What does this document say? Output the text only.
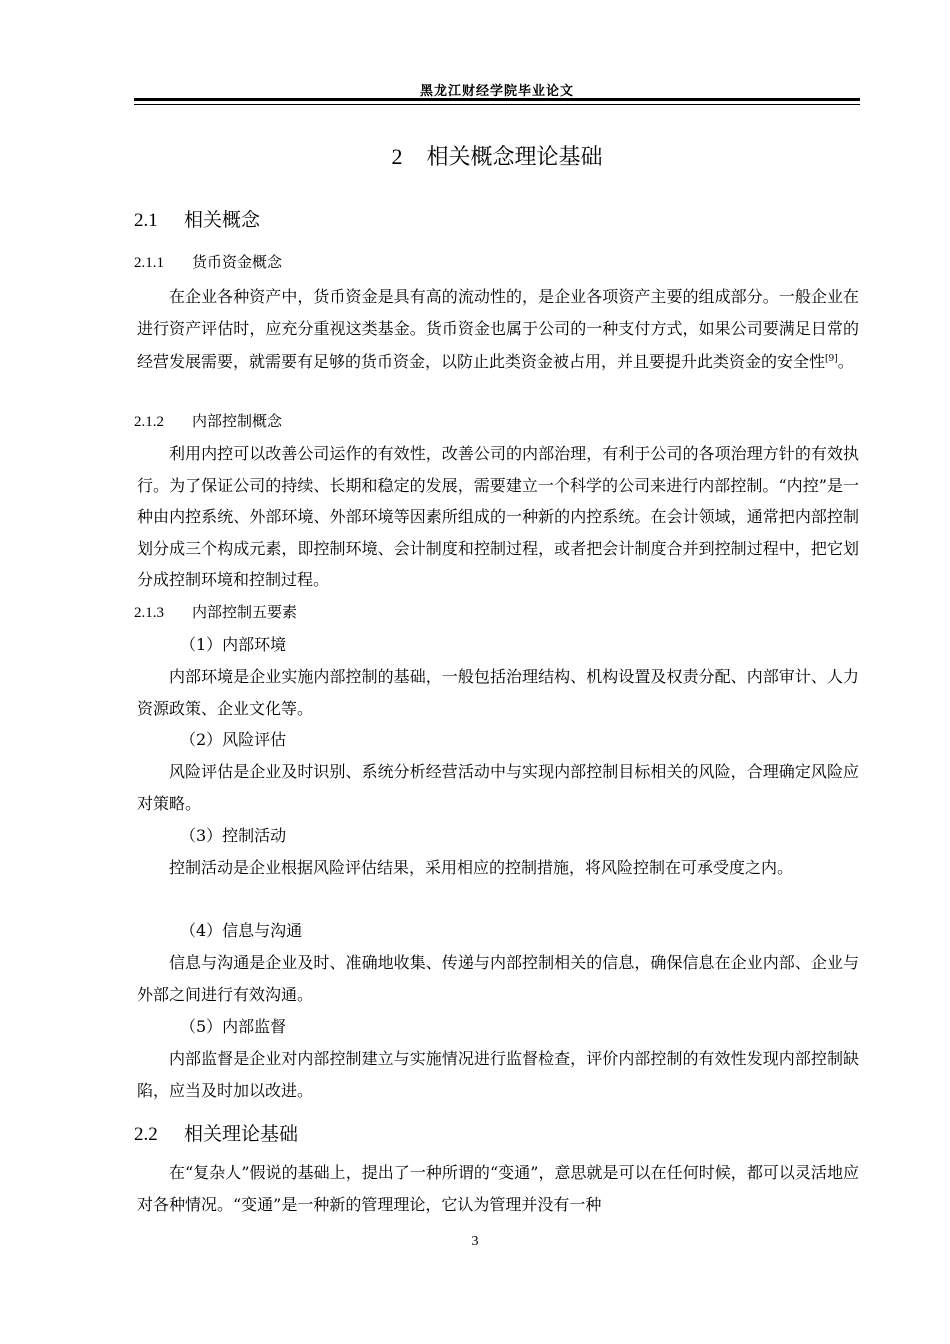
黑龙江财经学院毕业论文
2 相关概念理论基础
2.1 相关概念
2.1.1 货币资金概念

在企业各种资产中，货币资金是具有高的流动性的，是企业各项资产主要的组成部分。一般企业在进行资产评估时，应充分重视这类基金。货币资金也属于公司的一种支付方式，如果公司要满足日常的经营发展需要，就需要有足够的货币资金，以防止此类资金被占用，并且要提升此类资金的安全性[9]。

2.1.2 内部控制概念

利用内控可以改善公司运作的有效性，改善公司的内部治理，有利于公司的各项治理方针的有效执行。为了保证公司的持续、长期和稳定的发展，需要建立一个科学的公司来进行内部控制。“内控”是一种由内控系统、外部环境、外部环境等因素所组成的一种新的内控系统。在会计领域，通常把内部控制划分成三个构成元素，即控制环境、会计制度和控制过程，或者把会计制度合并到控制过程中，把它划分成控制环境和控制过程。

2.1.3 内部控制五要素
（1）内部环境

内部环境是企业实施内部控制的基础，一般包括治理结构、机构设置及权责分配、内部审计、人力资源政策、企业文化等。

（2）风险评估

风险评估是企业及时识别、系统分析经营活动中与实现内部控制目标相关的风险，合理确定风险应对策略。

（3）控制活动

控制活动是企业根据风险评估结果，采用相应的控制措施，将风险控制在可承受度之内。

（4）信息与沟通

信息与沟通是企业及时、准确地收集、传递与内部控制相关的信息，确保信息在企业内部、企业与外部之间进行有效沟通。

（5）内部监督

内部监督是企业对内部控制建立与实施情况进行监督检查，评价内部控制的有效性发现内部控制缺陷，应当及时加以改进。

2.2 相关理论基础

在“复杂人”假说的基础上，提出了一种所谓的“变通”，意思就是可以在任何时候，都可以灵活地应对各种情况。“变通”是一种新的管理理论，它认为管理并没有一种

3
